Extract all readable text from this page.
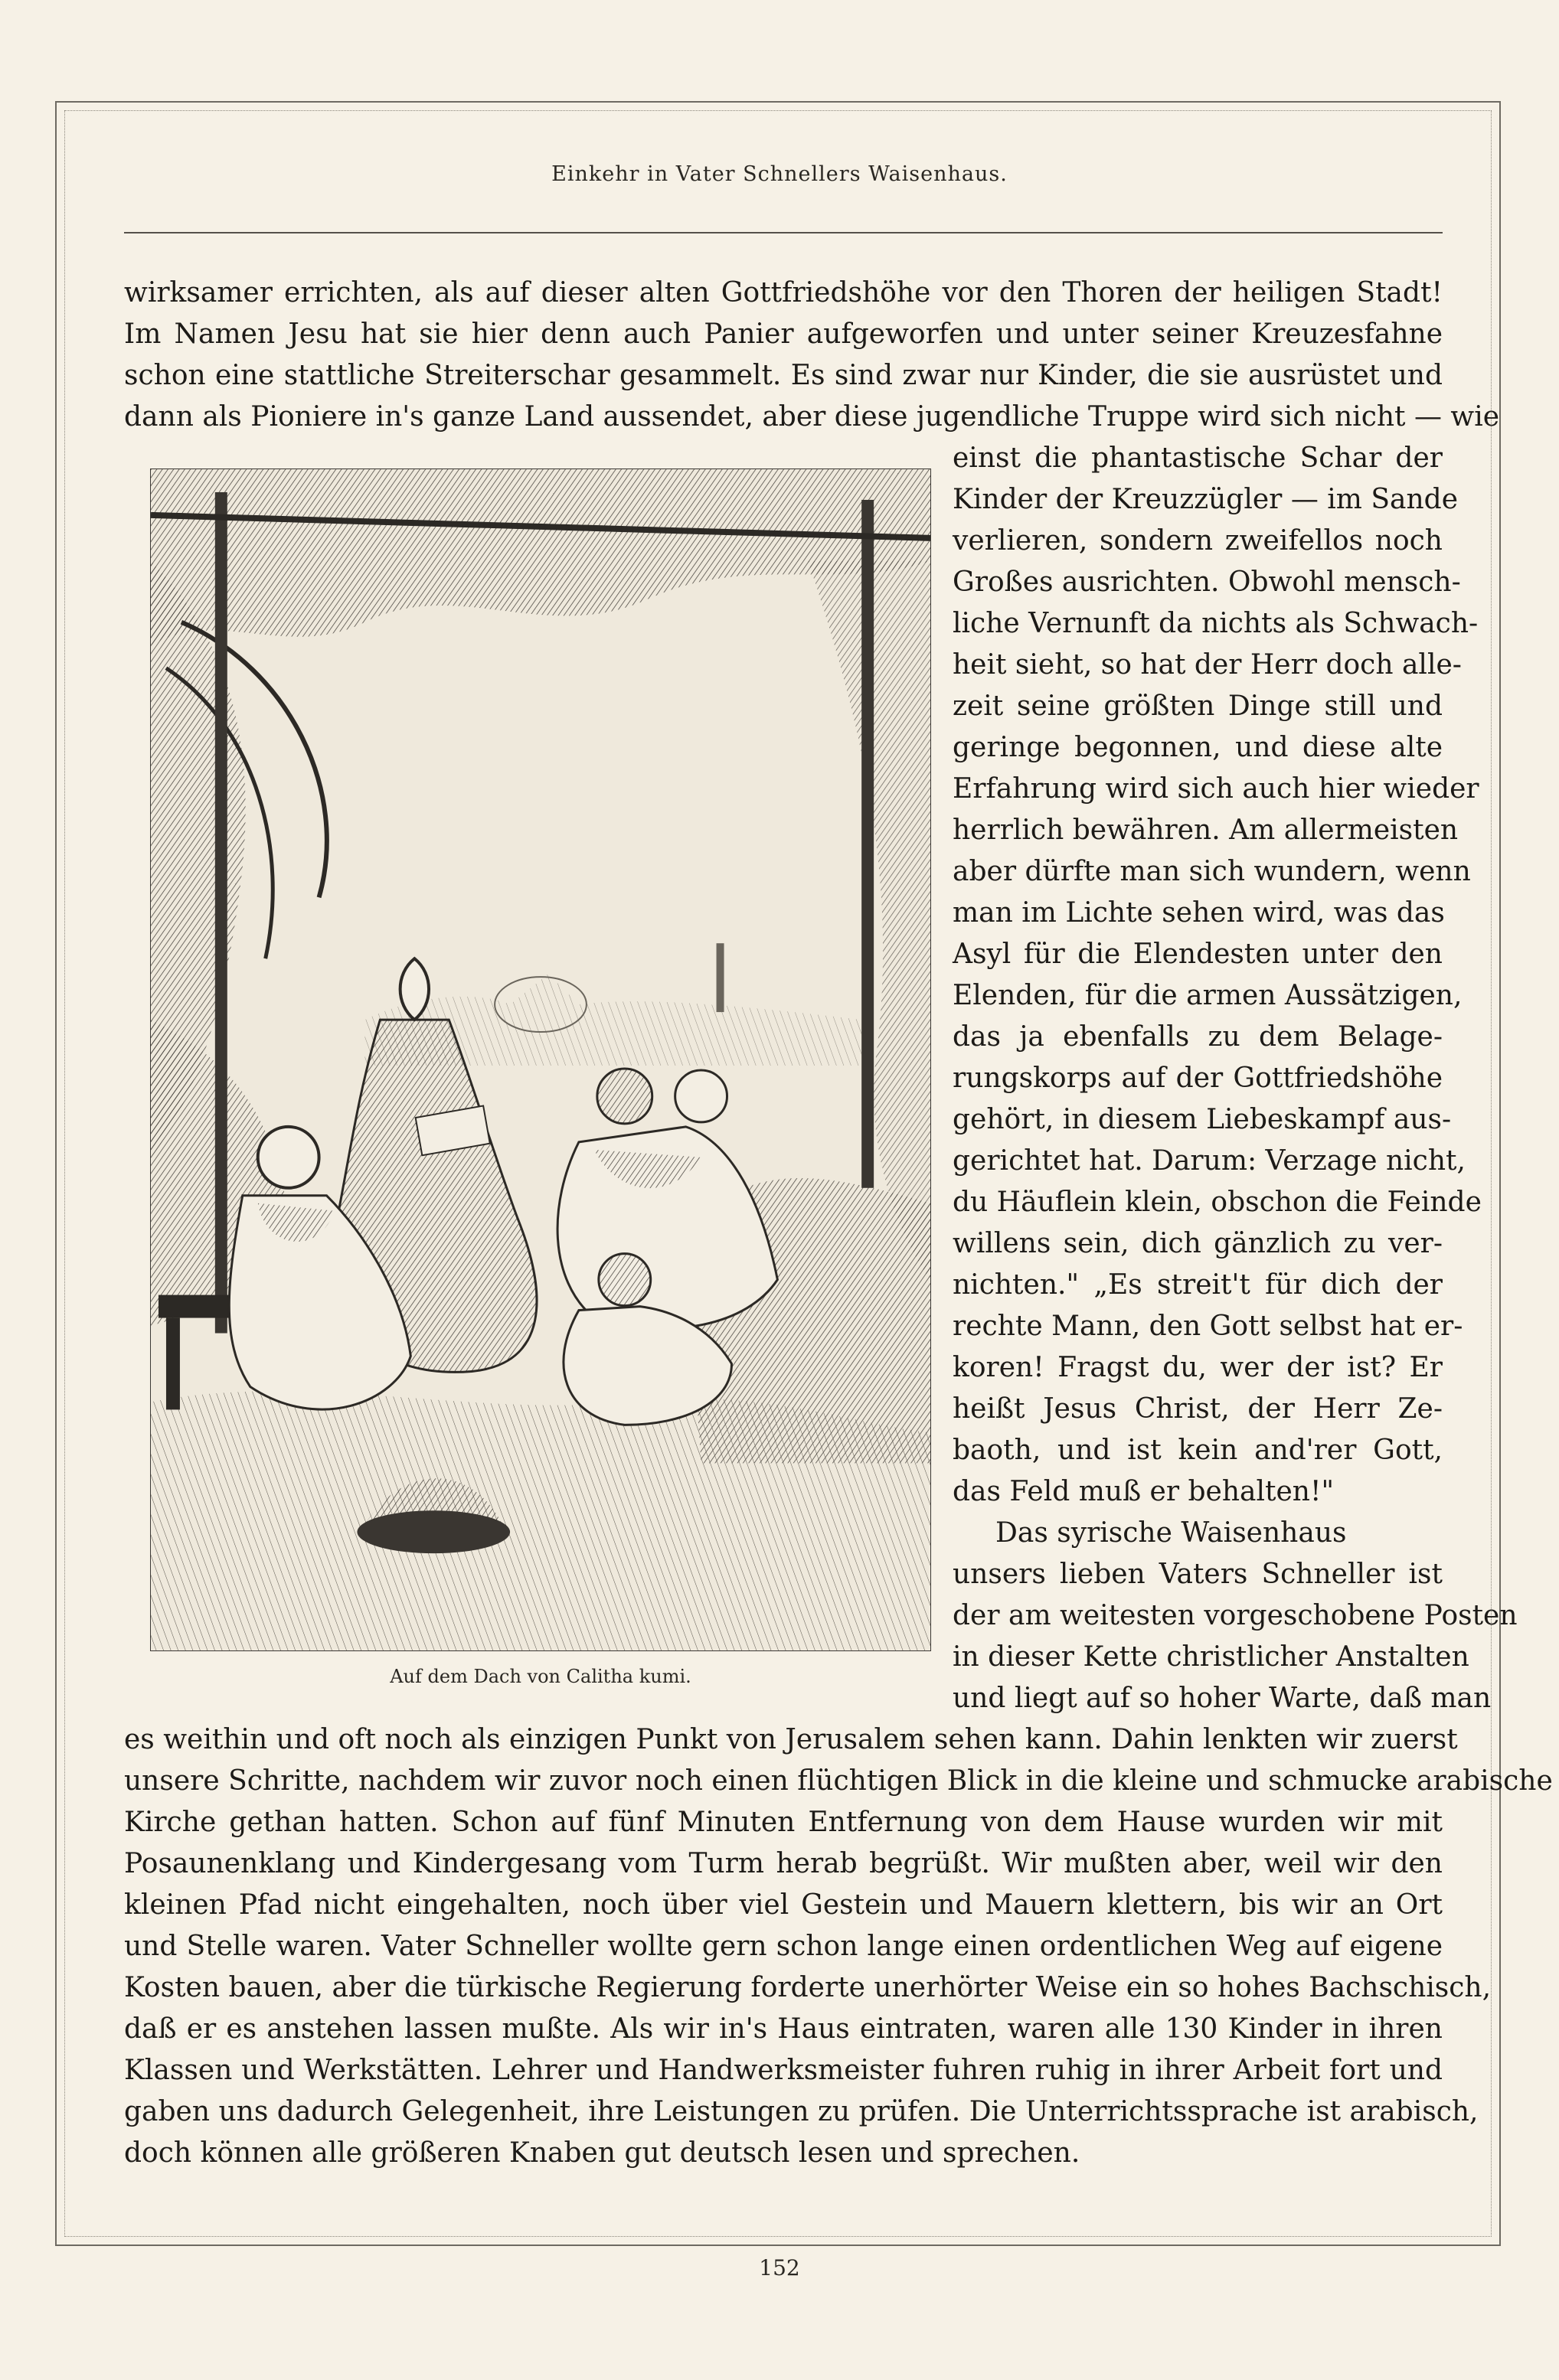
Einkehr in Vater Schnellers Waisenhaus.
wirksamer errichten, als auf dieser alten Gottfriedshöhe vor den Thoren der heiligen Stadt!
Im Namen Jesu hat sie hier denn auch Panier aufgeworfen und unter seiner Kreuzesfahne
schon eine stattliche Streiterschar gesammelt. Es sind zwar nur Kinder, die sie ausrüstet und
dann als Pioniere in's ganze Land aussendet, aber diese jugendliche Truppe wird sich nicht — wie
einst die phantastische Schar der
Kinder der Kreuzzügler — im Sande
verlieren, sondern zweifellos noch
Großes ausrichten. Obwohl mensch-
liche Vernunft da nichts als Schwach-
heit sieht, so hat der Herr doch alle-
zeit seine größten Dinge still und
geringe begonnen, und diese alte
Erfahrung wird sich auch hier wieder
herrlich bewähren. Am allermeisten
aber dürfte man sich wundern, wenn
man im Lichte sehen wird, was das
Asyl für die Elendesten unter den
Elenden, für die armen Aussätzigen,
das ja ebenfalls zu dem Belage-
rungskorps auf der Gottfriedshöhe
gehört, in diesem Liebeskampf aus-
gerichtet hat. Darum: Verzage nicht,
du Häuflein klein, obschon die Feinde
willens sein, dich gänzlich zu ver-
nichten." „Es streit't für dich der
rechte Mann, den Gott selbst hat er-
koren! Fragst du, wer der ist? Er
heißt Jesus Christ, der Herr Ze-
baoth, und ist kein and'rer Gott,
das Feld muß er behalten!"
Das syrische Waisenhaus
unsers lieben Vaters Schneller ist
der am weitesten vorgeschobene Posten
in dieser Kette christlicher Anstalten
und liegt auf so hoher Warte, daß man
Auf dem Dach von Calitha kumi.
es weithin und oft noch als einzigen Punkt von Jerusalem sehen kann. Dahin lenkten wir zuerst
unsere Schritte, nachdem wir zuvor noch einen flüchtigen Blick in die kleine und schmucke arabische
Kirche gethan hatten. Schon auf fünf Minuten Entfernung von dem Hause wurden wir mit
Posaunenklang und Kindergesang vom Turm herab begrüßt. Wir mußten aber, weil wir den
kleinen Pfad nicht eingehalten, noch über viel Gestein und Mauern klettern, bis wir an Ort
und Stelle waren. Vater Schneller wollte gern schon lange einen ordentlichen Weg auf eigene
Kosten bauen, aber die türkische Regierung forderte unerhörter Weise ein so hohes Bachschisch,
daß er es anstehen lassen mußte. Als wir in's Haus eintraten, waren alle 130 Kinder in ihren
Klassen und Werkstätten. Lehrer und Handwerksmeister fuhren ruhig in ihrer Arbeit fort und
gaben uns dadurch Gelegenheit, ihre Leistungen zu prüfen. Die Unterrichtssprache ist arabisch,
doch können alle größeren Knaben gut deutsch lesen und sprechen.
152
